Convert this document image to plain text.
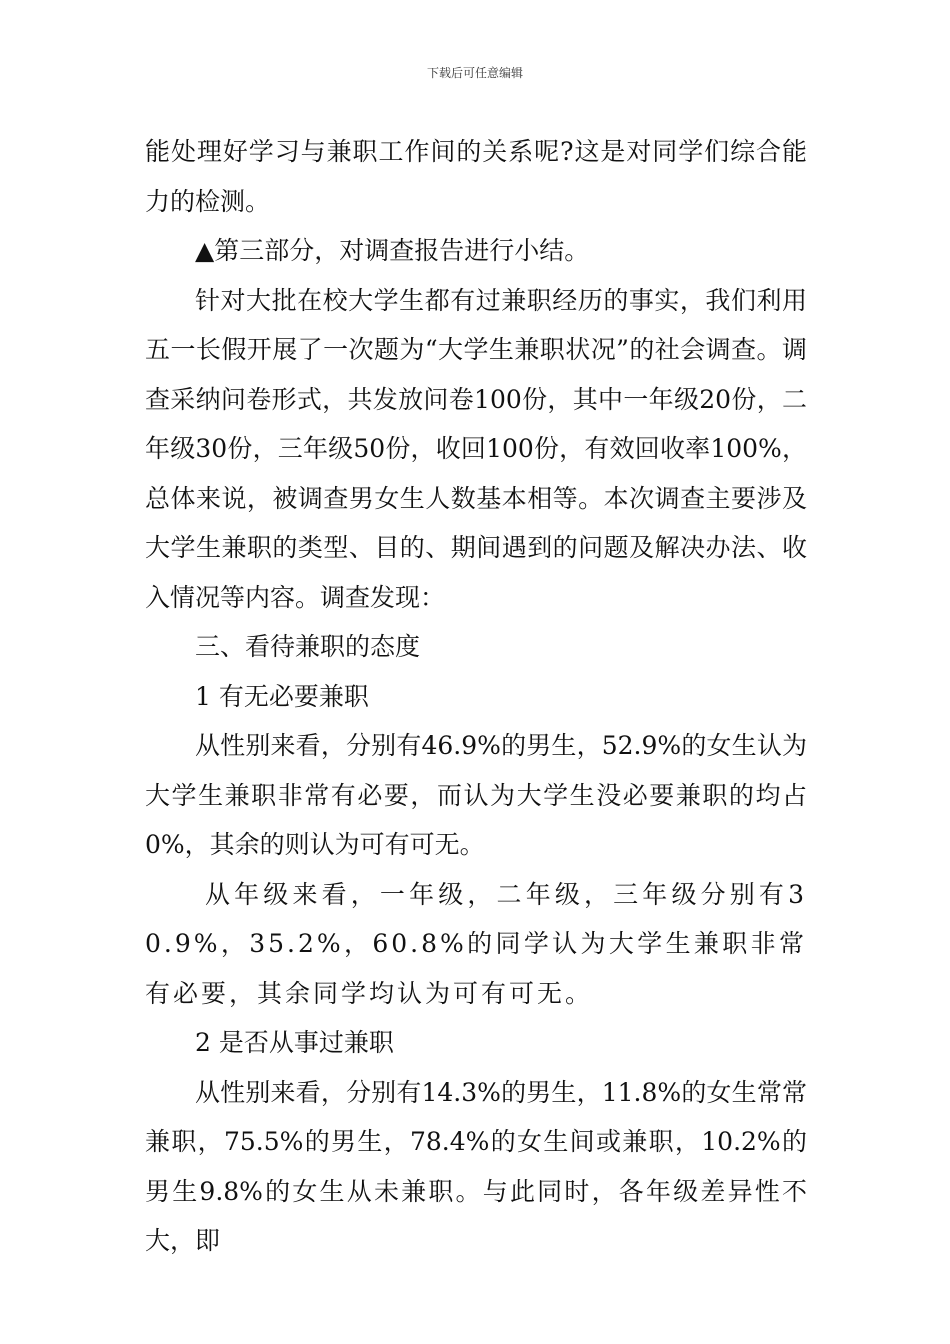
下载后可任意编辑

能处理好学习与兼职工作间的关系呢?这是对同学们综合能力的检测。

▲第三部分，对调查报告进行小结。

针对大批在校大学生都有过兼职经历的事实，我们利用五一长假开展了一次题为“大学生兼职状况”的社会调查。调查采纳问卷形式，共发放问卷100份，其中一年级20份，二年级30份，三年级50份，收回100份，有效回收率100%，总体来说，被调查男女生人数基本相等。本次调查主要涉及大学生兼职的类型、目的、期间遇到的问题及解决办法、收入情况等内容。调查发现：

三、看待兼职的态度

1 有无必要兼职

从性别来看，分别有46.9%的男生，52.9%的女生认为大学生兼职非常有必要，而认为大学生没必要兼职的均占0%，其余的则认为可有可无。

从年级来看，一年级，二年级，三年级分别有30.9%，35.2%，60.8%的同学认为大学生兼职非常有必要，其余同学均认为可有可无。

2 是否从事过兼职

从性别来看，分别有14.3%的男生，11.8%的女生常常兼职，75.5%的男生，78.4%的女生间或兼职，10.2%的男生9.8%的女生从未兼职。与此同时，各年级差异性不大，即
